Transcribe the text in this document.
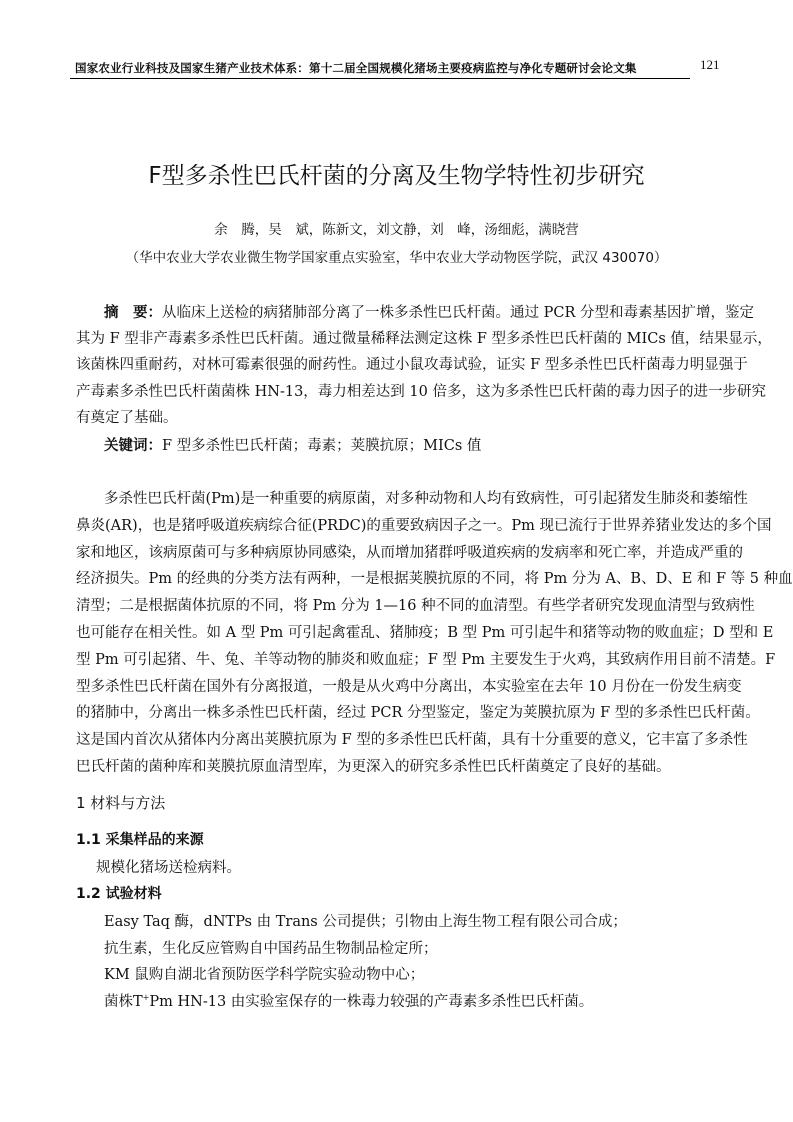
国家农业行业科技及国家生猪产业技术体系：第十二届全国规模化猪场主要疫病监控与净化专题研讨会论文集	121
F型多杀性巴氏杆菌的分离及生物学特性初步研究
余　腾，吴　斌，陈新文，刘文静，刘　峰，汤细彪，满晓营
（华中农业大学农业微生物学国家重点实验室，华中农业大学动物医学院，武汉 430070）
摘　要：从临床上送检的病猪肺部分离了一株多杀性巴氏杆菌。通过 PCR 分型和毒素基因扩增，鉴定
其为 F 型非产毒素多杀性巴氏杆菌。通过微量稀释法测定这株 F 型多杀性巴氏杆菌的 MICs 值，结果显示，
该菌株四重耐药，对林可霉素很强的耐药性。通过小鼠攻毒试验，证实 F 型多杀性巴氏杆菌毒力明显强于
产毒素多杀性巴氏杆菌菌株 HN-13，毒力相差达到 10 倍多，这为多杀性巴氏杆菌的毒力因子的进一步研究
有奠定了基础。
关键词：F 型多杀性巴氏杆菌；毒素；荚膜抗原；MICs 值
多杀性巴氏杆菌(Pm)是一种重要的病原菌，对多种动物和人均有致病性，可引起猪发生肺炎和萎缩性
鼻炎(AR)，也是猪呼吸道疾病综合征(PRDC)的重要致病因子之一。Pm 现已流行于世界养猪业发达的多个国
家和地区，该病原菌可与多种病原协同感染，从而增加猪群呼吸道疾病的发病率和死亡率，并造成严重的
经济损失。Pm 的经典的分类方法有两种，一是根据荚膜抗原的不同，将 Pm 分为 A、B、D、E 和 F 等 5 种血
清型；二是根据菌体抗原的不同，将 Pm 分为 1—16 种不同的血清型。有些学者研究发现血清型与致病性
也可能存在相关性。如 A 型 Pm 可引起禽霍乱、猪肺疫；B 型 Pm 可引起牛和猪等动物的败血症；D 型和 E
型 Pm 可引起猪、牛、兔、羊等动物的肺炎和败血症；F 型 Pm 主要发生于火鸡，其致病作用目前不清楚。F
型多杀性巴氏杆菌在国外有分离报道，一般是从火鸡中分离出，本实验室在去年 10 月份在一份发生病变
的猪肺中，分离出一株多杀性巴氏杆菌，经过 PCR 分型鉴定，鉴定为荚膜抗原为 F 型的多杀性巴氏杆菌。
这是国内首次从猪体内分离出荚膜抗原为 F 型的多杀性巴氏杆菌，具有十分重要的意义，它丰富了多杀性
巴氏杆菌的菌种库和荚膜抗原血清型库，为更深入的研究多杀性巴氏杆菌奠定了良好的基础。
1 材料与方法
1.1 采集样品的来源
规模化猪场送检病料。
1.2 试验材料
Easy Taq 酶，dNTPs 由 Trans 公司提供；引物由上海生物工程有限公司合成；
抗生素，生化反应管购自中国药品生物制品检定所；
KM 鼠购自湖北省预防医学科学院实验动物中心；
菌株T+Pm HN-13 由实验室保存的一株毒力较强的产毒素多杀性巴氏杆菌。
